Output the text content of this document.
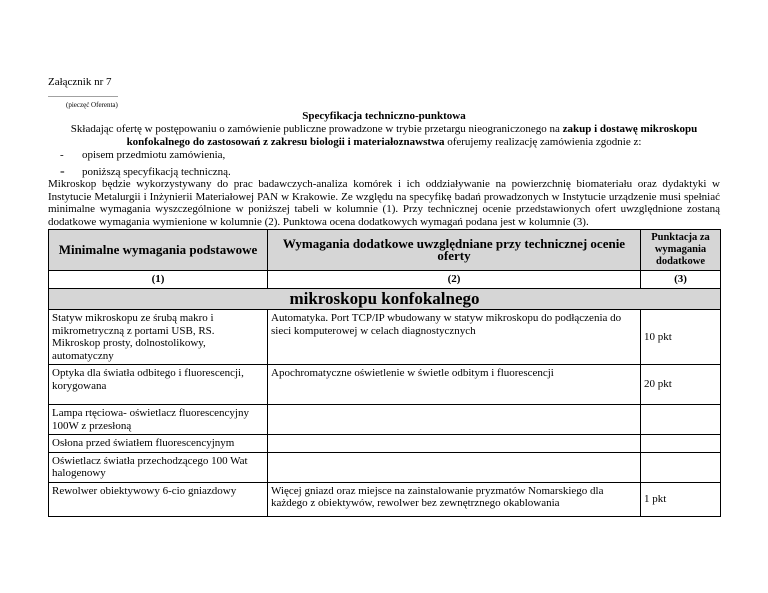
Załącznik nr 7
...................................
(pieczęć Oferenta)
Specyfikacja techniczno-punktowa
Składając ofertę w postępowaniu o zamówienie publiczne prowadzone w trybie przetargu nieograniczonego na zakup i dostawę mikroskopu konfokalnego do zastosowań z zakresu biologii i materiałoznawstwa oferujemy realizację zamówienia zgodnie z:
- opisem przedmiotu zamówienia,
- poniższą specyfikacją techniczną.
Mikroskop będzie wykorzystywany do prac badawczych-analiza komórek i ich oddziaływanie na powierzchnię biomateriału oraz dydaktyki w Instytucie Metalurgii i Inżynierii Materiałowej PAN w Krakowie. Ze względu na specyfikę badań prowadzonych w Instytucie urządzenie musi spełniać minimalne wymagania wyszczególnione w poniższej tabeli w kolumnie (1). Przy technicznej ocenie przedstawionych ofert uwzględnione zostaną dodatkowe wymagania wymienione w kolumnie (2). Punktowa ocena dodatkowych wymagań podana jest w kolumnie (3).
Minimalne wymagania podstawowe	Wymagania dodatkowe uwzględniane przy technicznej ocenie oferty	Punktacja za wymagania dodatkowe
(1)	(2)	(3)
mikroskopu konfokalnego		
Statyw mikroskopu ze śrubą makro i mikrometryczną z portami USB, RS. Mikroskop prosty, dolnostolikowy, automatyczny	Automatyka. Port TCP/IP wbudowany w statyw mikroskopu do podłączenia do sieci komputerowej w celach diagnostycznych	10 pkt
Optyka dla światła odbitego i fluorescencji, korygowana	Apochromatyczne oświetlenie w świetle odbitym i fluorescencji	20 pkt
Lampa rtęciowa- oświetlacz fluorescencyjny 100W z przesłoną		
Osłona przed światłem fluorescencyjnym		
Oświetlacz światła przechodzącego 100 Wat halogenowy		
Rewolwer obiektywowy 6-cio gniazdowy	Więcej gniazd oraz miejsce na zainstalowanie pryzmatów Nomarskiego dla każdego z obiektywów, rewolwer bez zewnętrznego okablowania	1 pkt
